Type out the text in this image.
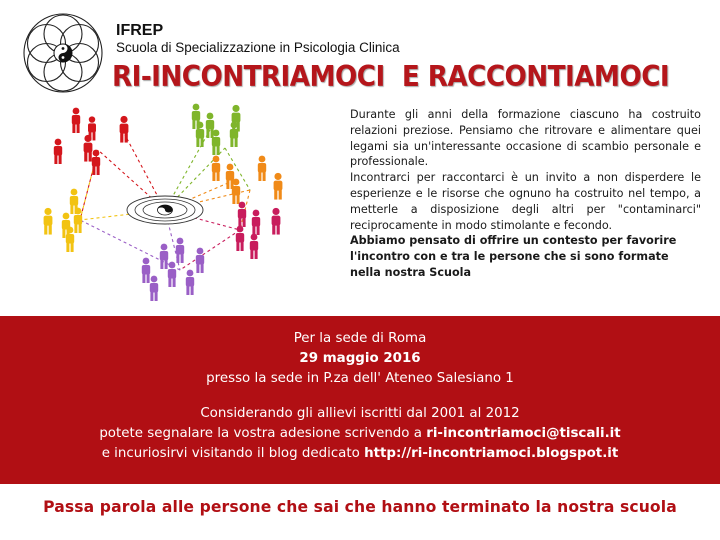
IFREP
Scuola di Specializzazione in Psicologia Clinica
RI-INCONTRIAMOCI  E RACCONTIAMOCI

Durante gli anni della formazione ciascuno ha costruito relazioni preziose. Pensiamo che ritrovare e alimentare quei legami sia un'interessante occasione di scambio personale e professionale.

Incontrarci per raccontarci è un invito a non disperdere le esperienze e le risorse che ognuno ha costruito nel tempo, a metterle a disposizione degli altri per "contaminarci" reciprocamente in modo stimolante e fecondo.

Abbiamo pensato di offrire un contesto per favorire l'incontro con e tra le persone che si sono formate nella nostra Scuola

Per la sede di Roma
29 maggio 2016
presso la sede in P.za dell' Ateneo Salesiano 1
Considerando gli allievi iscritti dal 2001 al 2012
potete segnalare la vostra adesione scrivendo a ri-incontriamoci@tiscali.it
e incuriosirvi visitando il blog dedicato http://ri-incontriamoci.blogspot.it
Passa parola alle persone che sai che hanno terminato la nostra scuola
